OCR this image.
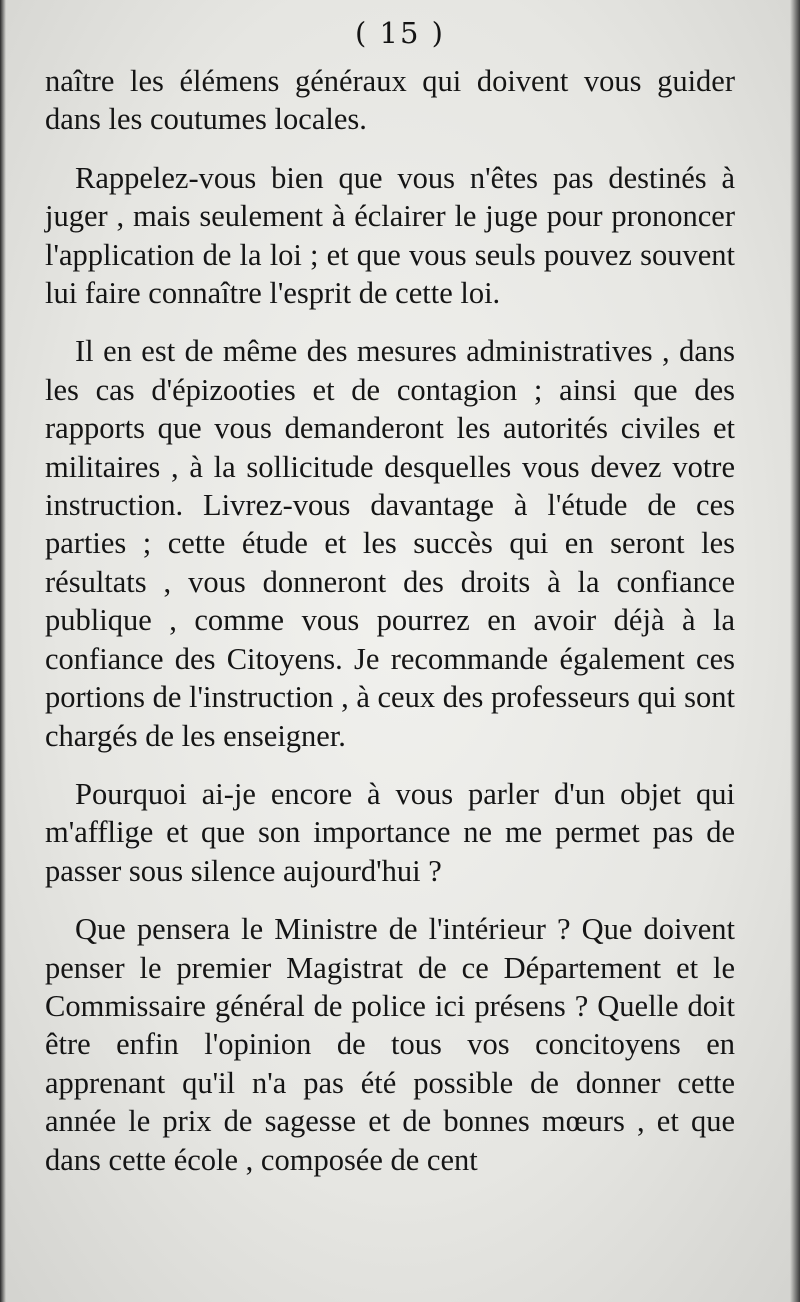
( 15 )

naître les élémens généraux qui doivent vous guider dans les coutumes locales.

Rappelez-vous bien que vous n'êtes pas destinés à juger , mais seulement à éclairer le juge pour prononcer l'application de la loi ; et que vous seuls pouvez souvent lui faire connaître l'esprit de cette loi.

Il en est de même des mesures administratives , dans les cas d'épizooties et de contagion ; ainsi que des rapports que vous demanderont les autorités civiles et militaires , à la sollicitude desquelles vous devez votre instruction. Livrez-vous davantage à l'étude de ces parties ; cette étude et les succès qui en seront les résultats , vous donneront des droits à la confiance publique , comme vous pourrez en avoir déjà à la confiance des Citoyens. Je recommande également ces portions de l'instruction , à ceux des professeurs qui sont chargés de les enseigner.

Pourquoi ai-je encore à vous parler d'un objet qui m'afflige et que son importance ne me permet pas de passer sous silence aujourd'hui ?

Que pensera le Ministre de l'intérieur ? Que doivent penser le premier Magistrat de ce Département et le Commissaire général de police ici présens ? Quelle doit être enfin l'opinion de tous vos concitoyens en apprenant qu'il n'a pas été possible de donner cette année le prix de sagesse et de bonnes mœurs , et que dans cette école , composée de cent
